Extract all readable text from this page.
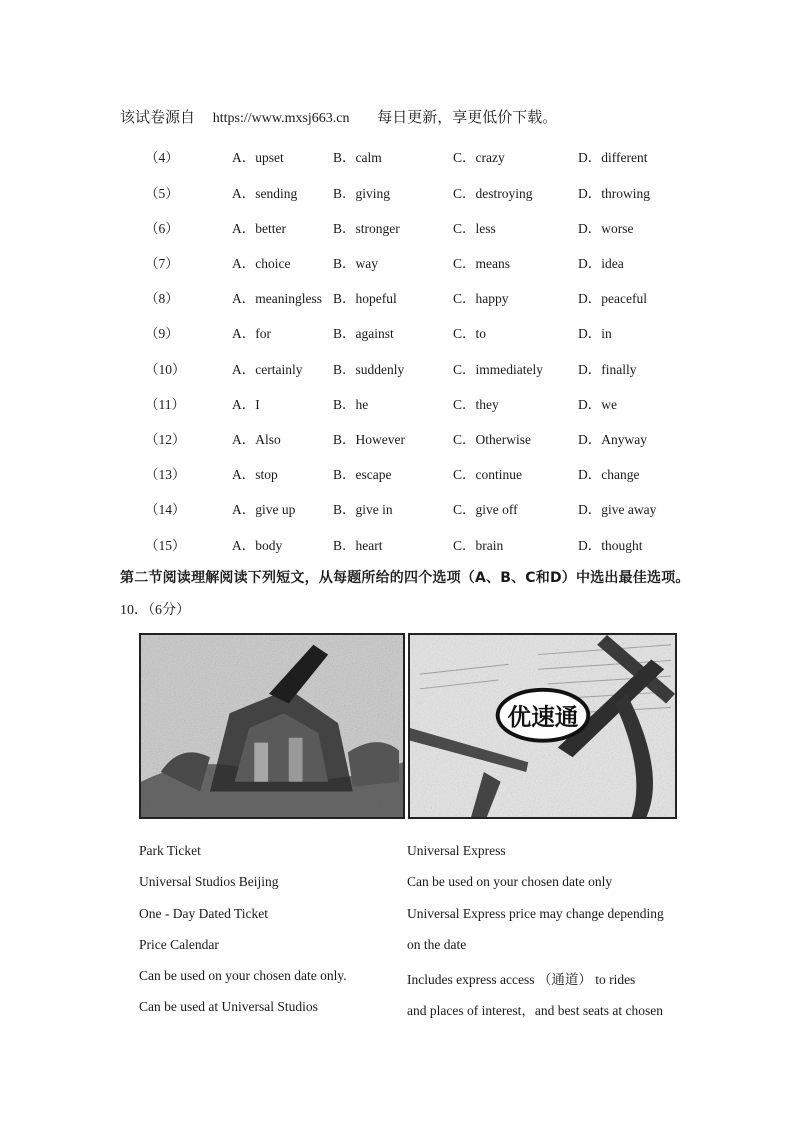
该试卷源自 https://www.mxsj663.cn 每日更新，享更低价下载。
（4）	A．upset	B．calm	C．crazy	D．different
（5）	A．sending	B．giving	C．destroying	D．throwing
（6）	A．better	B．stronger	C．less	D．worse
（7）	A．choice	B．way	C．means	D．idea
（8）	A．meaningless B．hopeful	C．happy	D．peaceful
（9）	A．for	B．against	C．to	D．in
（10）	A．certainly B．suddenly	C．immediately	D．finally
（11）	A．I	B．he	C．they	D．we
（12）	A．Also	B．However	C．Otherwise	D．Anyway
（13）	A．stop	B．escape	C．continue	D．change
（14）	A．give up	B．give in	C．give off	D．give away
（15）	A．body	B．heart	C．brain	D．thought
第二节阅读理解阅读下列短文，从每题所给的四个选项（A、B、C和D）中选出最佳选项。
10．（6分）
优速通
Park Ticket
Universal Studios Beijing
One - Day Dated Ticket
Price Calendar
Can be used on your chosen date only.
Can be used at Universal Studios
Universal Express
Can be used on your chosen date only
Universal Express price may change depending
on the date
Includes express access （通道） to rides
and places of interest，and best seats at chosen
